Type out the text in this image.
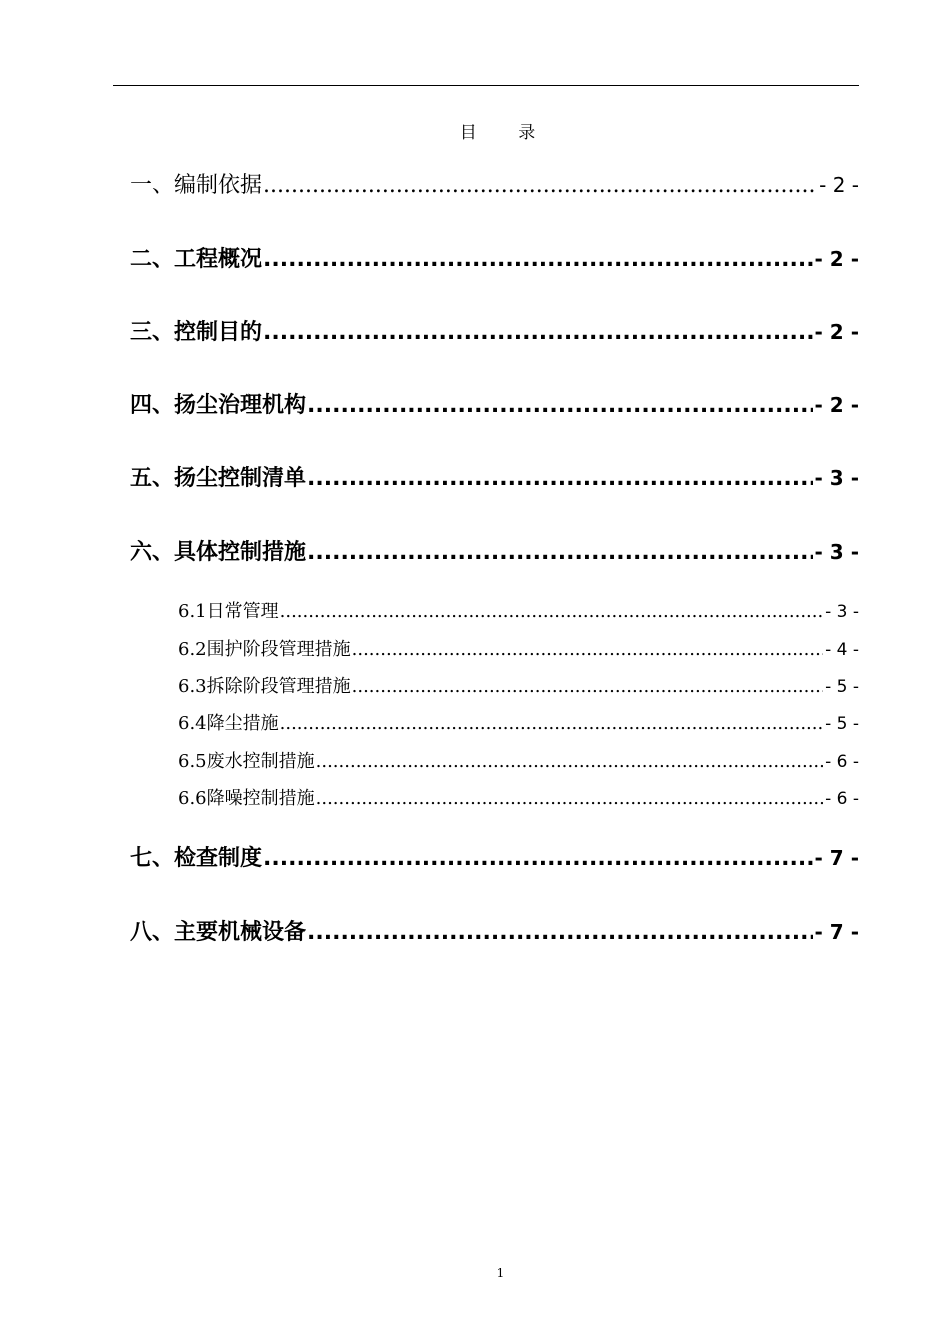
目 录
一、编制依据 .....	- 2 -
二、工程概况 .....	- 2 -
三、控制目的 .....	- 2 -
四、扬尘治理机构 .....	- 2 -
五、扬尘控制清单 .....	- 3 -
六、具体控制措施 .....	- 3 -
6.1日常管理 .....	- 3 -
6.2围护阶段管理措施 .....	- 4 -
6.3拆除阶段管理措施 .....	- 5 -
6.4降尘措施 .....	- 5 -
6.5废水控制措施 .....	- 6 -
6.6降噪控制措施 .....	- 6 -
七、检查制度 .....	- 7 -
八、主要机械设备 .....	- 7 -
1
